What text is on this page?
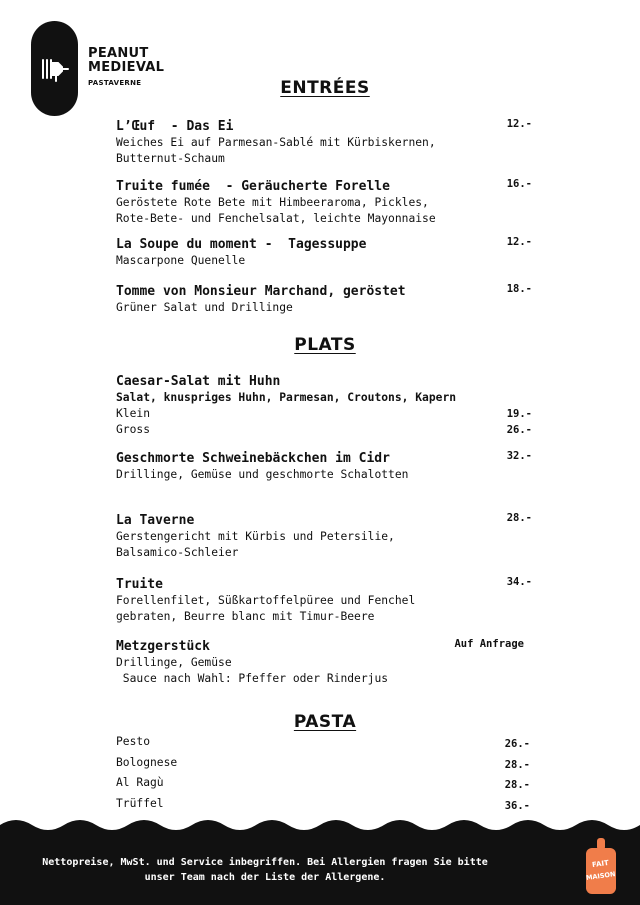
PEANUT
MEDIEVAL
PASTAVERNE	ENTRÉES
L’Œuf  - Das Ei
Weiches Ei auf Parmesan-Sablé mit Kürbiskernen,
Butternut-Schaum
12.-
Truite fumée  - Geräucherte Forelle
Geröstete Rote Bete mit Himbeeraroma, Pickles,
Rote-Bete- und Fenchelsalat, leichte Mayonnaise
16.-
La Soupe du moment -  Tagessuppe
Mascarpone Quenelle
12.-
Tomme von Monsieur Marchand, geröstet
Grüner Salat und Drillinge
18.-
PLATS
Caesar-Salat mit Huhn
Salat, knuspriges Huhn, Parmesan, Croutons, Kapern
Klein	19.-
Gross	26.-
Geschmorte Schweinebäckchen im Cidr
Drillinge, Gemüse und geschmorte Schalotten
32.-
La Taverne
Gerstengericht mit Kürbis und Petersilie,
Balsamico-Schleier
28.-
Truite
Forellenfilet, Süßkartoffelpüree und Fenchel
gebraten, Beurre blanc mit Timur-Beere
34.-
Metzgerstück
Drillinge, Gemüse
Sauce nach Wahl: Pfeffer oder Rinderjus
Auf Anfrage
PASTA
Pesto	26.-
Bolognese	28.-
Al Ragù	28.-
Trüffel	36.-

Nettopreise, MwSt. und Service inbegriffen. Bei Allergien fragen Sie bitte
unser Team nach der Liste der Allergene.

FAIT
MAISON
